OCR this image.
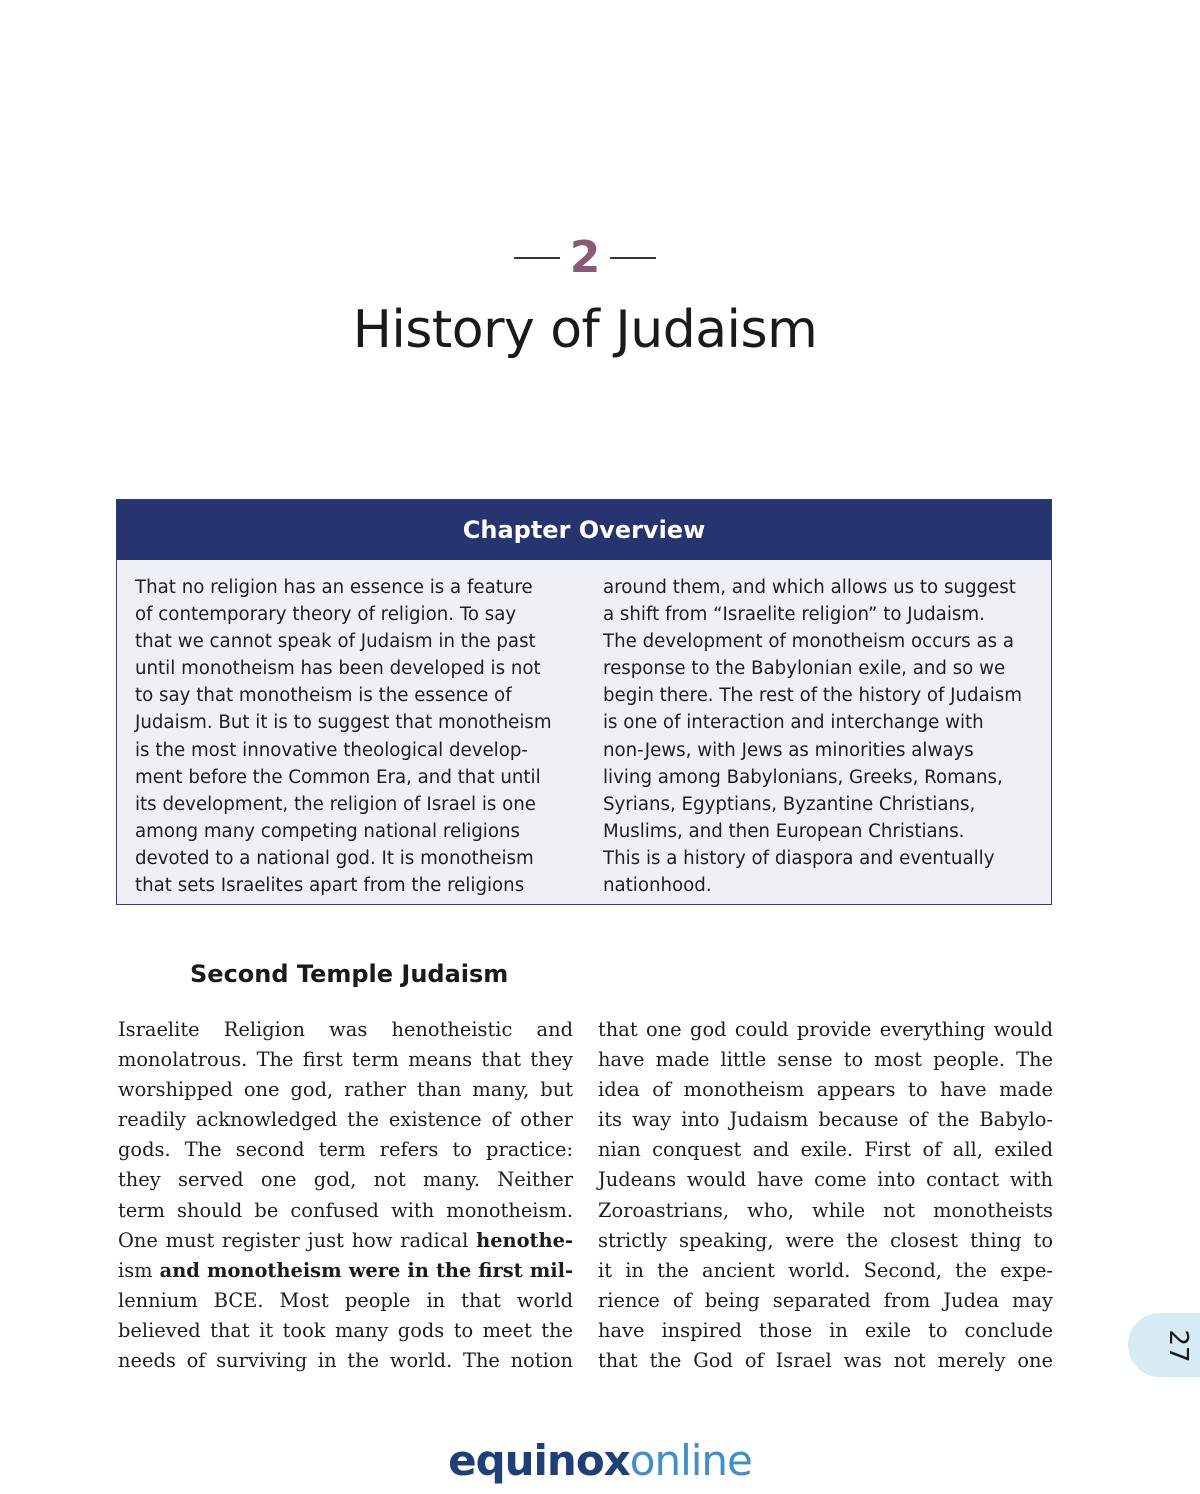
2
History of Judaism
Chapter Overview
That no religion has an essence is a feature
of contemporary theory of religion. To say
that we cannot speak of Judaism in the past
until monotheism has been developed is not
to say that monotheism is the essence of
Judaism. But it is to suggest that monotheism
is the most innovative theological develop-
ment before the Common Era, and that until
its development, the religion of Israel is one
among many competing national religions
devoted to a national god. It is monotheism
that sets Israelites apart from the religions
around them, and which allows us to suggest
a shift from “Israelite religion” to Judaism.
The development of monotheism occurs as a
response to the Babylonian exile, and so we
begin there. The rest of the history of Judaism
is one of interaction and interchange with
non-Jews, with Jews as minorities always
living among Babylonians, Greeks, Romans,
Syrians, Egyptians, Byzantine Christians,
Muslims, and then European Christians.
This is a history of diaspora and eventually
nationhood.
Second Temple Judaism
Israelite Religion was henotheistic and
monolatrous. The first term means that they
worshipped one god, rather than many, but
readily acknowledged the existence of other
gods. The second term refers to practice:
they served one god, not many. Neither
term should be confused with monotheism.
One must register just how radical henothe-
ism and monotheism were in the first mil-
lennium BCE. Most people in that world
believed that it took many gods to meet the
needs of surviving in the world. The notion
that one god could provide everything would
have made little sense to most people. The
idea of monotheism appears to have made
its way into Judaism because of the Babylo-
nian conquest and exile. First of all, exiled
Judeans would have come into contact with
Zoroastrians, who, while not monotheists
strictly speaking, were the closest thing to
it in the ancient world. Second, the expe-
rience of being separated from Judea may
have inspired those in exile to conclude
that the God of Israel was not merely one	27
equinoxonline
